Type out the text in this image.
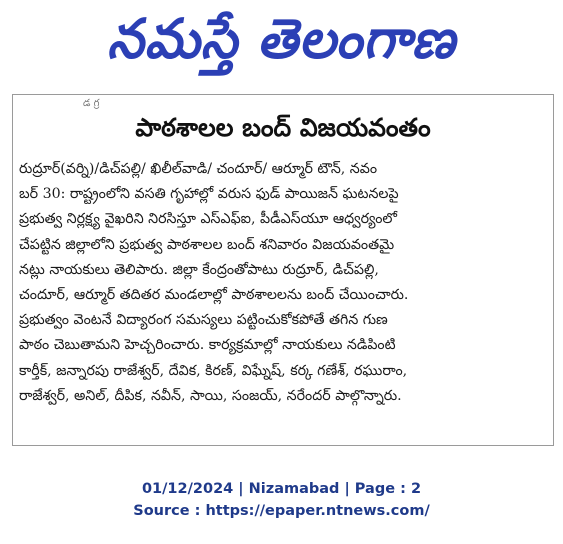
నమస్తే తెలంగాణ
డ గ్ర
పాఠశాలల బంద్ విజయవంతం
రుద్రూర్(వర్ని)/డిచ్‌పల్లి/ ఖిలీల్‌వాడి/ చందూర్/ ఆర్మూర్ టౌన్, నవం
బర్ 30: రాష్ట్రంలోని వసతి గృహాల్లో వరుస ఫుడ్ పాయిజన్ ఘటనలపై
ప్రభుత్వ నిర్లక్ష్య వైఖరిని నిరసిస్తూ ఎస్ఎఫ్ఐ, పీడీఎస్‌యూ ఆధ్వర్యంలో
చేపట్టిన జిల్లాలోని ప్రభుత్వ పాఠశాలల బంద్ శనివారం విజయవంతమై
నట్లు నాయకులు తెలిపారు. జిల్లా కేంద్రంతోపాటు రుద్రూర్, డిచ్‌పల్లి,
చందూర్, ఆర్మూర్ తదితర మండలాల్లో పాఠశాలలను బంద్ చేయించారు.
ప్రభుత్వం వెంటనే విద్యారంగ సమస్యలు పట్టించుకోకపోతే తగిన గుణ
పాఠం చెబుతామని హెచ్చరించారు. కార్యక్రమాల్లో నాయకులు నడిపింటి
కార్తీక్, జన్నారపు రాజేశ్వర్, దేవిక, కిరణ్, విఘ్నేష్, కర్క గణేశ్, రఘురాం,
రాజేశ్వర్, అనిల్, దీపిక, నవీన్, సాయి, సంజయ్, నరేందర్ పాల్గొన్నారు.
01/12/2024 | Nizamabad | Page : 2
Source : https://epaper.ntnews.com/
